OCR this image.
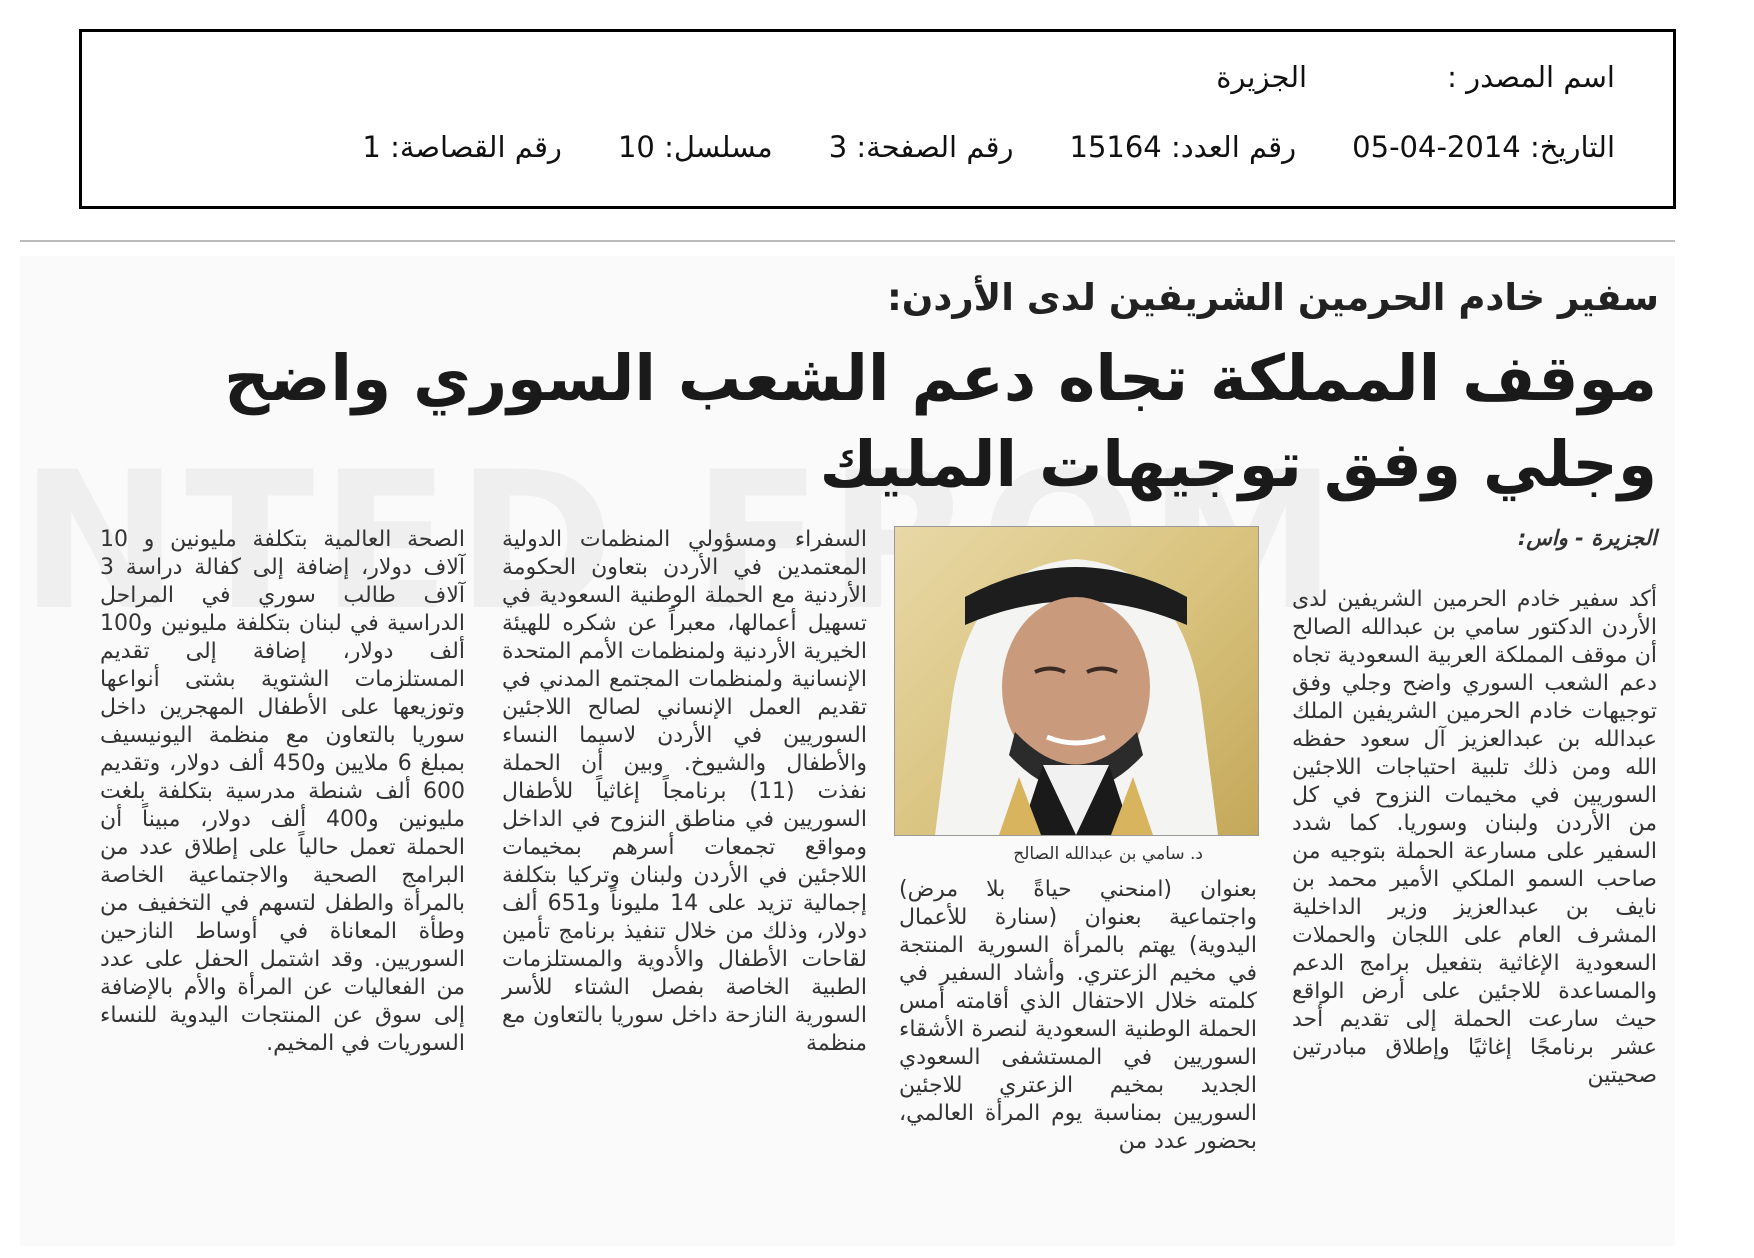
اسم المصدر :
الجزيرة
التاريخ: 2014-04-05
رقم العدد: 15164
رقم الصفحة: 3
مسلسل: 10
رقم القصاصة: 1
سفير خادم الحرمين الشريفين لدى الأردن:
موقف المملكة تجاه دعم الشعب السوري واضح
وجلي وفق توجيهات المليك
الجزيرة - واس:
د. سامي بن عبدالله الصالح
أكد سفير خادم الحرمين الشريفين لدى الأردن الدكتور سامي بن عبدالله الصالح أن موقف المملكة العربية السعودية تجاه دعم الشعب السوري واضح وجلي وفق توجيهات خادم الحرمين الشريفين الملك عبدالله بن عبدالعزيز آل سعود حفظه الله ومن ذلك تلبية احتياجات اللاجئين السوريين في مخيمات النزوح في كل من الأردن ولبنان وسوريا. كما شدد السفير على مسارعة الحملة بتوجيه من صاحب السمو الملكي الأمير محمد بن نايف بن عبدالعزيز وزير الداخلية المشرف العام على اللجان والحملات السعودية الإغاثية بتفعيل برامج الدعم والمساعدة للاجئين على أرض الواقع حيث سارعت الحملة إلى تقديم أحد عشر برنامجًا إغاثيًا وإطلاق مبادرتين صحيتين
بعنوان (امنحني حياةً بلا مرض) واجتماعية بعنوان (سنارة للأعمال اليدوية) يهتم بالمرأة السورية المنتجة في مخيم الزعتري. وأشاد السفير في كلمته خلال الاحتفال الذي أقامته أمس الحملة الوطنية السعودية لنصرة الأشقاء السوريين في المستشفى السعودي الجديد بمخيم الزعتري للاجئين السوريين بمناسبة يوم المرأة العالمي، بحضور عدد من
السفراء ومسؤولي المنظمات الدولية المعتمدين في الأردن بتعاون الحكومة الأردنية مع الحملة الوطنية السعودية في تسهيل أعمالها، معبراً عن شكره للهيئة الخيرية الأردنية ولمنظمات الأمم المتحدة الإنسانية ولمنظمات المجتمع المدني في تقديم العمل الإنساني لصالح اللاجئين السوريين في الأردن لاسيما النساء والأطفال والشيوخ. وبين أن الحملة نفذت (11) برنامجاً إغاثياً للأطفال السوريين في مناطق النزوح في الداخل ومواقع تجمعات أسرهم بمخيمات اللاجئين في الأردن ولبنان وتركيا بتكلفة إجمالية تزيد على 14 مليوناً و651 ألف دولار، وذلك من خلال تنفيذ برنامج تأمين لقاحات الأطفال والأدوية والمستلزمات الطبية الخاصة بفصل الشتاء للأسر السورية النازحة داخل سوريا بالتعاون مع منظمة
الصحة العالمية بتكلفة مليونين و 10 آلاف دولار، إضافة إلى كفالة دراسة 3 آلاف طالب سوري في المراحل الدراسية في لبنان بتكلفة مليونين و100 ألف دولار، إضافة إلى تقديم المستلزمات الشتوية بشتى أنواعها وتوزيعها على الأطفال المهجرين داخل سوريا بالتعاون مع منظمة اليونيسيف بمبلغ 6 ملايين و450 ألف دولار، وتقديم 600 ألف شنطة مدرسية بتكلفة بلغت مليونين و400 ألف دولار، مبيناً أن الحملة تعمل حالياً على إطلاق عدد من البرامج الصحية والاجتماعية الخاصة بالمرأة والطفل لتسهم في التخفيف من وطأة المعاناة في أوساط النازحين السوريين. وقد اشتمل الحفل على عدد من الفعاليات عن المرأة والأم بالإضافة إلى سوق عن المنتجات اليدوية للنساء السوريات في المخيم.
